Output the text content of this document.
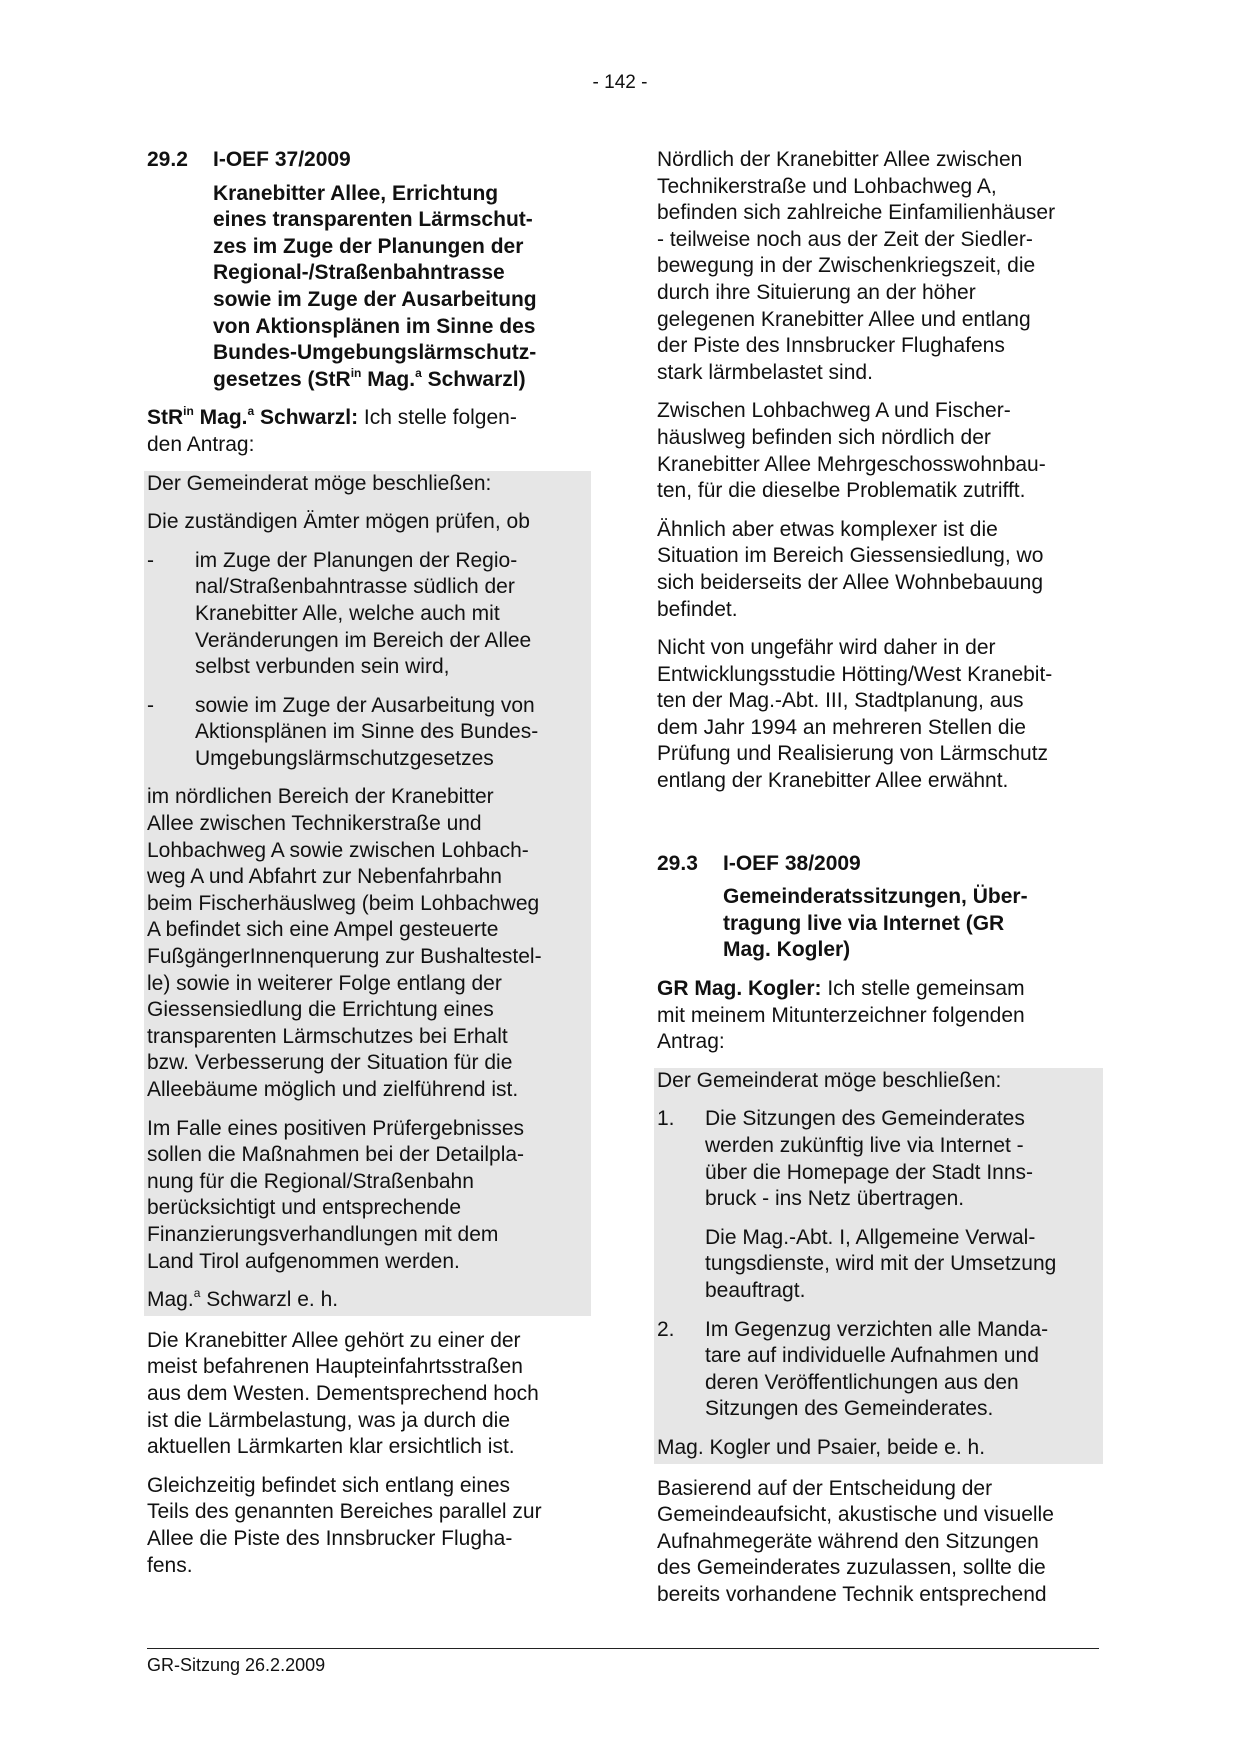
- 142 -
29.2	I-OEF 37/2009
Kranebitter Allee, Errichtung
eines transparenten Lärmschut-
zes im Zuge der Planungen der
Regional-/Straßenbahntrasse
sowie im Zuge der Ausarbeitung
von Aktionsplänen im Sinne des
Bundes-Umgebungslärmschutz-
gesetzes (StR$^{in}$ Mag.$^a$ Schwarzl)

StR$^{in}$ Mag.$^a$ Schwarzl: Ich stelle folgen-
den Antrag:

Der Gemeinderat möge beschließen:

Die zuständigen Ämter mögen prüfen, ob

-	im Zuge der Planungen der Regio-
nal/Straßenbahntrasse südlich der
Kranebitter Alle, welche auch mit
Veränderungen im Bereich der Allee
selbst verbunden sein wird,
-	sowie im Zuge der Ausarbeitung von
Aktionsplänen im Sinne des Bundes-
Umgebungslärmschutzgesetzes

im nördlichen Bereich der Kranebitter
Allee zwischen Technikerstraße und
Lohbachweg A sowie zwischen Lohbach-
weg A und Abfahrt zur Nebenfahrbahn
beim Fischerhäuslweg (beim Lohbachweg
A befindet sich eine Ampel gesteuerte
FußgängerInnenquerung zur Bushaltestel-
le) sowie in weiterer Folge entlang der
Giessensiedlung die Errichtung eines
transparenten Lärmschutzes bei Erhalt
bzw. Verbesserung der Situation für die
Alleebäume möglich und zielführend ist.

Im Falle eines positiven Prüfergebnisses
sollen die Maßnahmen bei der Detailpla-
nung für die Regional/Straßenbahn
berücksichtigt und entsprechende
Finanzierungsverhandlungen mit dem
Land Tirol aufgenommen werden.

Mag.$^a$ Schwarzl e. h.

Die Kranebitter Allee gehört zu einer der
meist befahrenen Haupteinfahrtsstraßen
aus dem Westen. Dementsprechend hoch
ist die Lärmbelastung, was ja durch die
aktuellen Lärmkarten klar ersichtlich ist.

Gleichzeitig befindet sich entlang eines
Teils des genannten Bereiches parallel zur
Allee die Piste des Innsbrucker Flugha-
fens.

Nördlich der Kranebitter Allee zwischen
Technikerstraße und Lohbachweg A,
befinden sich zahlreiche Einfamilienhäuser
- teilweise noch aus der Zeit der Siedler-
bewegung in der Zwischenkriegszeit, die
durch ihre Situierung an der höher
gelegenen Kranebitter Allee und entlang
der Piste des Innsbrucker Flughafens
stark lärmbelastet sind.

Zwischen Lohbachweg A und Fischer-
häuslweg befinden sich nördlich der
Kranebitter Allee Mehrgeschosswohnbau-
ten, für die dieselbe Problematik zutrifft.

Ähnlich aber etwas komplexer ist die
Situation im Bereich Giessensiedlung, wo
sich beiderseits der Allee Wohnbebauung
befindet.

Nicht von ungefähr wird daher in der
Entwicklungsstudie Hötting/West Kranebit-
ten der Mag.-Abt. III, Stadtplanung, aus
dem Jahr 1994 an mehreren Stellen die
Prüfung und Realisierung von Lärmschutz
entlang der Kranebitter Allee erwähnt.

29.3	I-OEF 38/2009
Gemeinderatssitzungen, Über-
tragung live via Internet (GR
Mag. Kogler)

GR Mag. Kogler: Ich stelle gemeinsam
mit meinem Mitunterzeichner folgenden
Antrag:

Der Gemeinderat möge beschließen:

1.	Die Sitzungen des Gemeinderates
werden zukünftig live via Internet -
über die Homepage der Stadt Inns-
bruck - ins Netz übertragen.

Die Mag.-Abt. I, Allgemeine Verwal-
tungsdienste, wird mit der Umsetzung
beauftragt.

2.	Im Gegenzug verzichten alle Manda-
tare auf individuelle Aufnahmen und
deren Veröffentlichungen aus den
Sitzungen des Gemeinderates.

Mag. Kogler und Psaier, beide e. h.

Basierend auf der Entscheidung der
Gemeindeaufsicht, akustische und visuelle
Aufnahmegeräte während den Sitzungen
des Gemeinderates zuzulassen, sollte die
bereits vorhandene Technik entsprechend

GR-Sitzung 26.2.2009
